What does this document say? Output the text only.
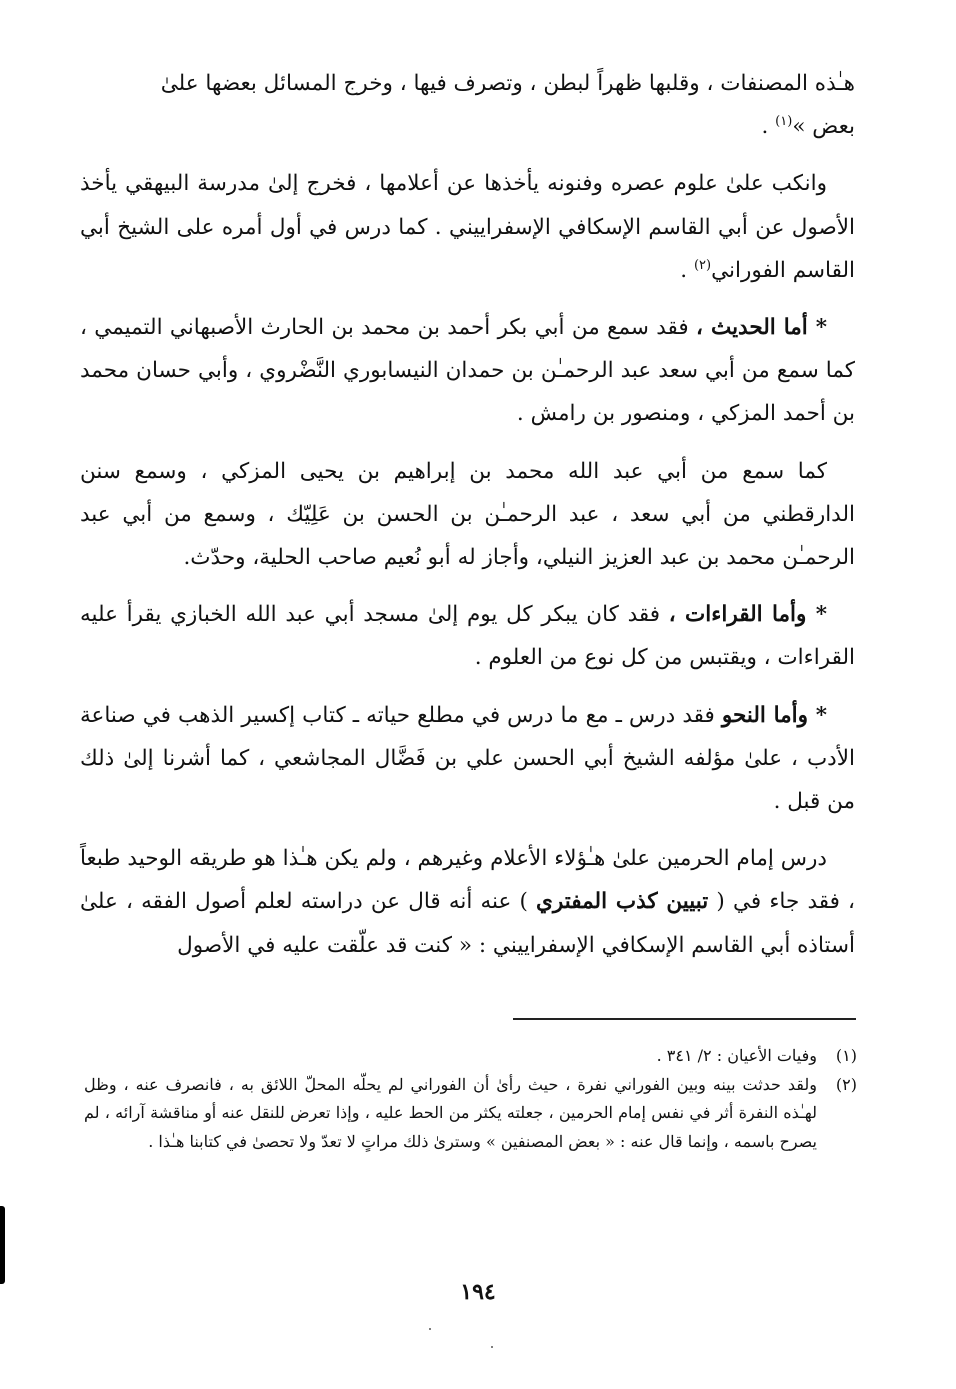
هـٰذه المصنفات ، وقلبها ظهراً لبطن ، وتصرف فيها ، وخرج المسائل بعضها علىٰ
بعض »$^{(١)}$ .

وانكب علىٰ علوم عصره وفنونه يأخذها عن أعلامها ، فخرج إلىٰ مدرسة البيهقي يأخذ الأصول عن أبي القاسم الإسكافي الإسفراييني . كما درس في أول أمره على الشيخ أبي القاسم الفوراني$^{(٢)}$ .

* أما الحديث ، فقد سمع من أبي بكر أحمد بن محمد بن الحارث الأصبهاني التميمي ، كما سمع من أبي سعد عبد الرحمـٰن بن حمدان النيسابوري النَّضْروي ، وأبي حسان محمد بن أحمد المزكي ، ومنصور بن رامش .

كما سمع من أبي عبد الله محمد بن إبراهيم بن يحيى المزكي ، وسمع سنن الدارقطني من أبي سعد ، عبد الرحمـٰن بن الحسن بن عَلِيّك ، وسمع من أبي عبد الرحمـٰن محمد بن عبد العزيز النيلي، وأجاز له أبو نُعيم صاحب الحلية، وحدّث.

* وأما القراءات ، فقد كان يبكر كل يوم إلىٰ مسجد أبي عبد الله الخبازي يقرأ عليه القراءات ، ويقتبس من كل نوع من العلوم .

* وأما النحو فقد درس ـ مع ما درس في مطلع حياته ـ كتاب إكسير الذهب في صناعة الأدب ، علىٰ مؤلفه الشيخ أبي الحسن علي بن فَضَّال المجاشعي ، كما أشرنا إلىٰ ذلك من قبل .

درس إمام الحرمين علىٰ هـٰؤلاء الأعلام وغيرهم ، ولم يكن هـٰذا هو طريقه الوحيد طبعاً ، فقد جاء في ( تبيين كذب المفتري ) عنه أنه قال عن دراسته لعلم أصول الفقه ، علىٰ أستاذه أبي القاسم الإسكافي الإسفراييني : « كنت قد علّقت عليه في الأصول

(١)
وفيات الأعيان : ٢/ ٣٤١ .
(٢)
ولقد حدثت بينه وبين الفوراني نفرة ، حيث رأىٰ أن الفوراني لم يحلّه المحلّ اللائق به ، فانصرف عنه ، وظل لهـٰذه النفرة أثر في نفس إمام الحرمين ، جعلته يكثر من الحط عليه ، وإذا تعرض للنقل عنه أو مناقشة آرائه ، لم يصرح باسمه ، وإنما قال عنه : « بعض المصنفين » وسترىٰ ذلك مراتٍ لا تعدّ ولا تحصىٰ في كتابنا هـٰذا .
١٩٤
